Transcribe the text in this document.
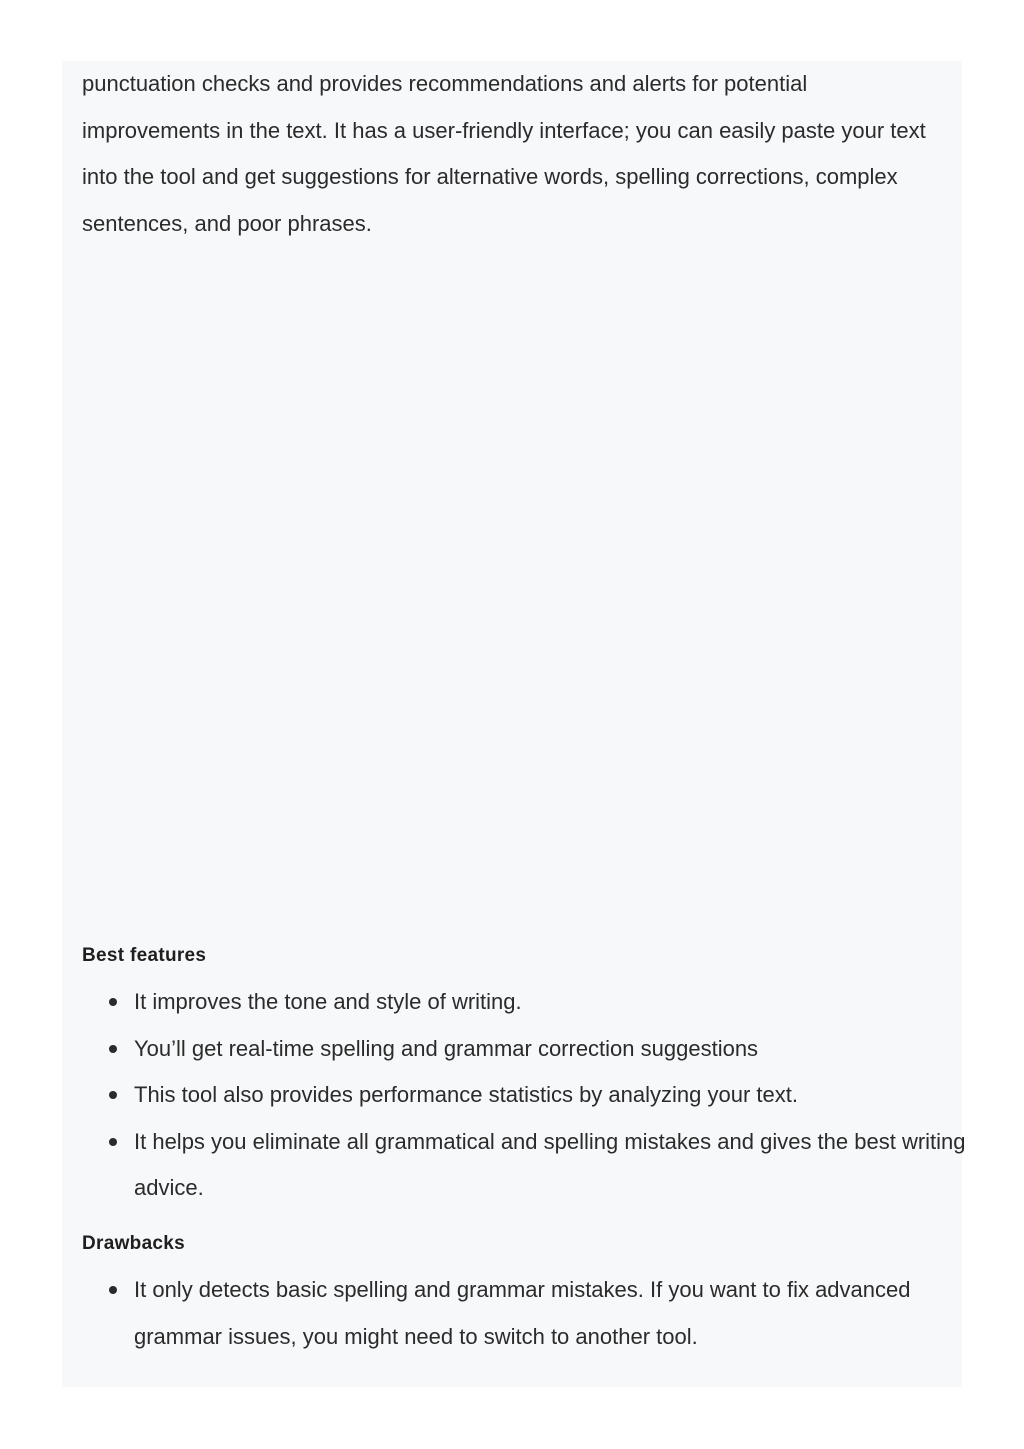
punctuation checks and provides recommendations and alerts for potential improvements in the text. It has a user-friendly interface; you can easily paste your text into the tool and get suggestions for alternative words, spelling corrections, complex sentences, and poor phrases.

Best features
It improves the tone and style of writing.
You’ll get real-time spelling and grammar correction suggestions
This tool also provides performance statistics by analyzing your text.
It helps you eliminate all grammatical and spelling mistakes and gives the best writing advice.
Drawbacks
It only detects basic spelling and grammar mistakes. If you want to fix advanced grammar issues, you might need to switch to another tool.
